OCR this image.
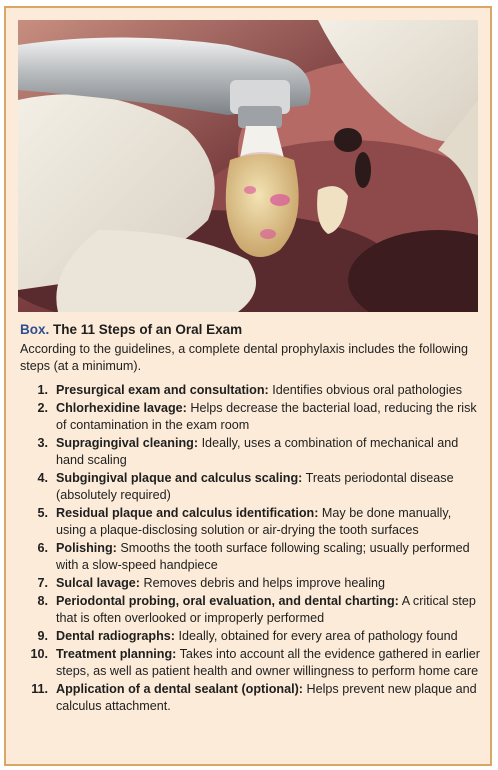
Box. The 11 Steps of an Oral Exam

According to the guidelines, a complete dental prophylaxis includes the following steps (at a minimum).

1. Presurgical exam and consultation: Identifies obvious oral pathologies
2. Chlorhexidine lavage: Helps decrease the bacterial load, reducing the risk of contamination in the exam room
3. Supragingival cleaning: Ideally, uses a combination of mechanical and hand scaling
4. Subgingival plaque and calculus scaling: Treats periodontal disease (absolutely required)
5. Residual plaque and calculus identification: May be done manually, using a plaque-disclosing solution or air-drying the tooth surfaces
6. Polishing: Smooths the tooth surface following scaling; usually performed with a slow-speed handpiece
7. Sulcal lavage: Removes debris and helps improve healing
8. Periodontal probing, oral evaluation, and dental charting: A critical step that is often overlooked or improperly performed
9. Dental radiographs: Ideally, obtained for every area of pathology found
10. Treatment planning: Takes into account all the evidence gathered in earlier steps, as well as patient health and owner willingness to perform home care
11. Application of a dental sealant (optional): Helps prevent new plaque and calculus attachment.
